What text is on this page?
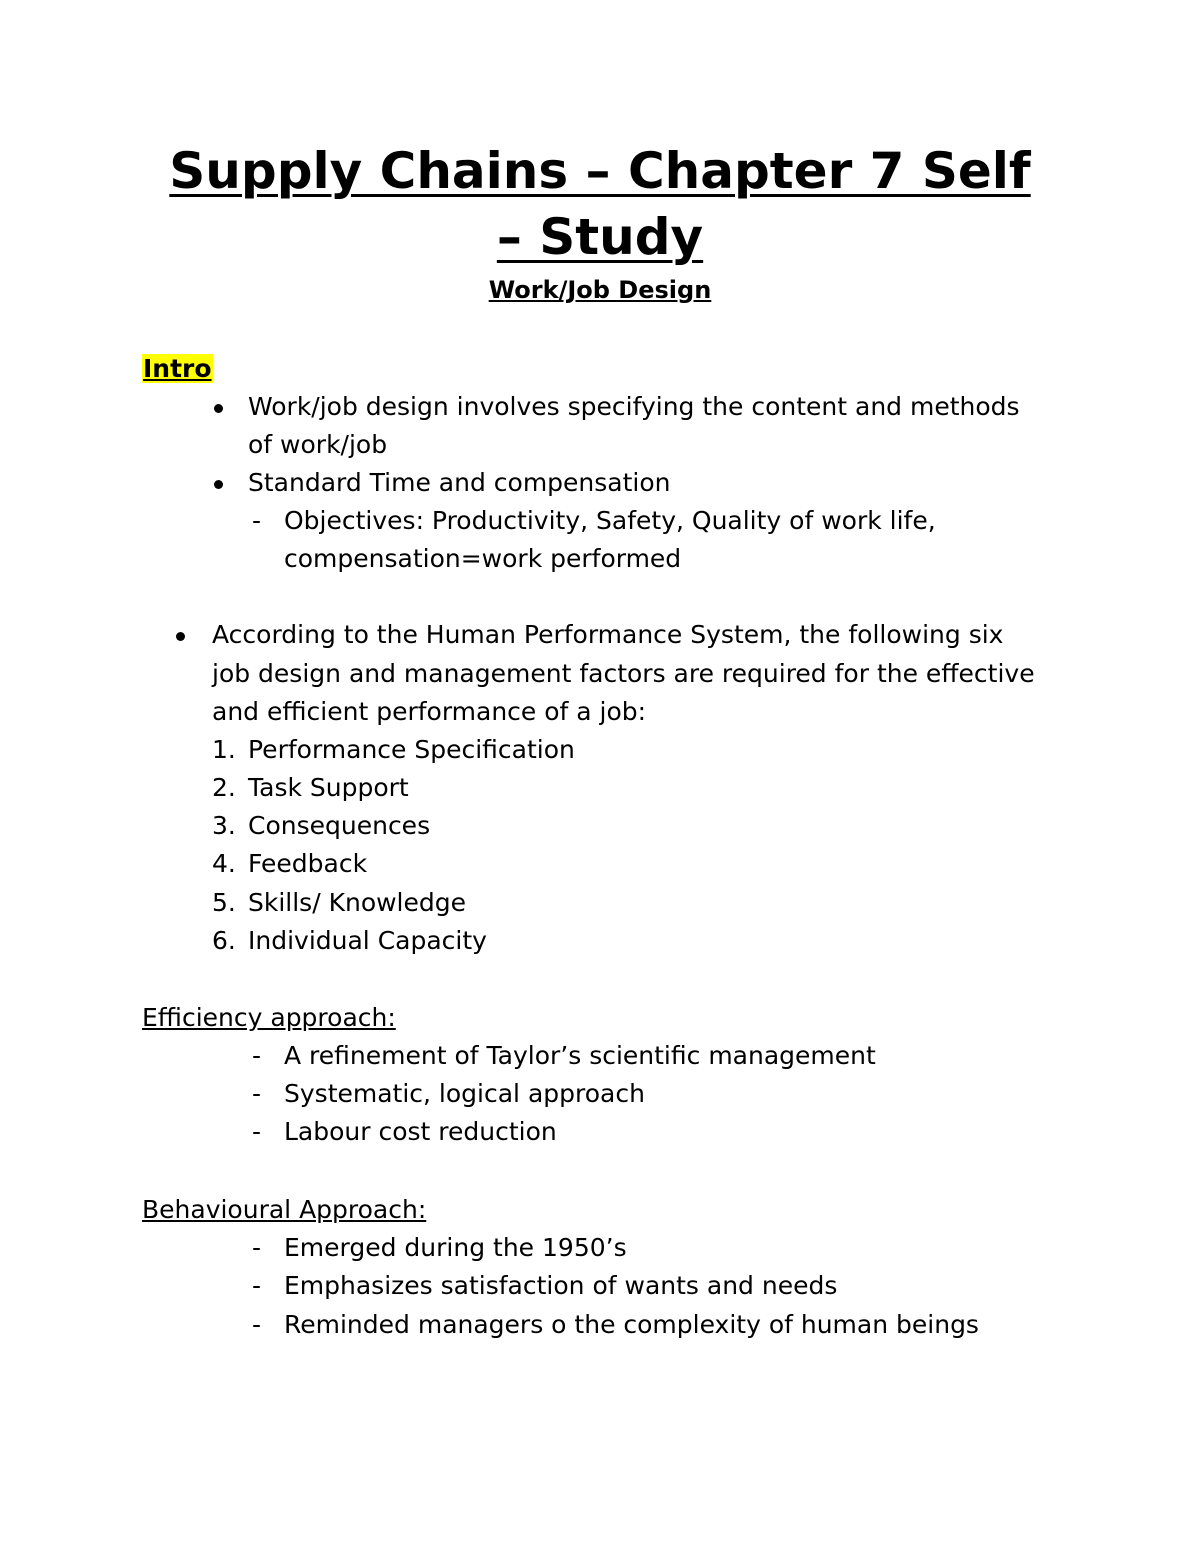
Supply Chains – Chapter 7 Self
– Study
Work/Job Design

Intro

Work/job design involves specifying the content and methods

of work/job

Standard Time and compensation

- Objectives: Productivity, Safety, Quality of work life,

compensation=work performed

According to the Human Performance System, the following six

job design and management factors are required for the effective

and efficient performance of a job:

1. Performance Specification

2. Task Support

3. Consequences

4. Feedback

5. Skills/ Knowledge

6. Individual Capacity

Efficiency approach:

- A refinement of Taylor’s scientific management

- Systematic, logical approach

- Labour cost reduction

Behavioural Approach:

- Emerged during the 1950’s

- Emphasizes satisfaction of wants and needs

- Reminded managers o the complexity of human beings
